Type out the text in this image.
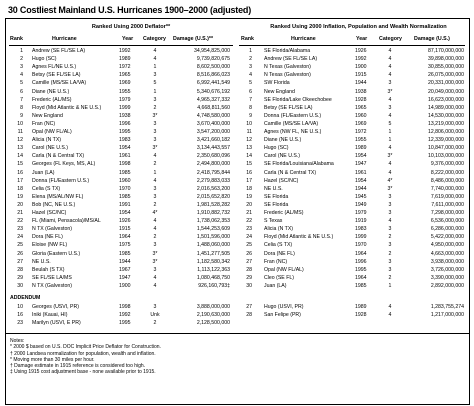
30 Costliest Mainland U.S. Hurricanes 1900–2000 (adjusted)
Ranked Using 2000 Deflator**	Ranked Using 2000 Inflation, Population and Wealth Normalization
Rank	Hurricane	Year Category Damage (U.S.)**	Rank	Hurricane	Year Category Damage (U.S.)
1 Andrew (SE FL/SE LA)	1992	4	34,954,825,000
2 Hugo (SC)	1989	4	9,739,820,675
3 Agnes FL/NE U.S.)	1972	1	8,602,500,000
4 Betsy (SE FL/SE LA)	1965	3	8,516,866,023
5 Camille (MS/SE LA/VA)	1969	5	6,992,441,549
6 Diane (NE U.S.)	1955	1	5,340,676,192
7 Frederic (AL/MS)	1979	3	4,965,327,332
8 Floyd (Mid Atlantic & NE U.S.)	1999	2	4,668,811,560
9 New England	1938	3*	4,748,580,000
10 Fran (NC)	1996	3	3,670,400,000
11 Opal (NW FL/AL)	1995	3	3,547,200,000
12 Alicia (N TX)	1983	3	3,421,660,182
13 Carol (NE U.S.)	1954	3*	3,134,443,557
14 Carla (N & Central TX)	1961	4	2,350,680,096
15 Georges (FL Keys, MS, AL)	1998	2	2,494,800,000
16 Juan (LA)	1985	1	2,418,795,844
17 Donna (FL/Eastern U.S.)	1960	4	2,279,883,033
18 Celia (S TX)	1970	3	2,016,563,200
19 Elena (MS/AL/NW FL)	1985	3	2,015,652,820
20 Bob (NC, NE U.S.)	1991	2	1,981,528,282
21 Hazel (SC/NC)	1954	4*	1,910,882,732
22 FL (Miami, Pensacola)/MS/AL	1926	4	1,738,062,353
23 N TX (Galveston)	1915	4	1,544,253,609
24 Dora (NE FL)	1964	2	1,501,596,000
25 Eloise (NW FL)	1975	3	1,488,060,000
26 Gloria (Eastern U.S.)	1985	3*	1,451,277,505
27 NE U.S.	1944	3*	1,182,580,342
28 Beulah (S TX)	1967	3	1,113,122,363
29 SE FL/SE LA/MS	1947	4	1,080,468,750
30 N TX (Galveston)	1900	4	926,160,793‡
1 SE Florida/Alabama	1926	4	87,170,000,000
2 Andrew (SE FL/SE LA)	1992	4	39,898,000,000
3 N Texas (Galveston)	1900	4	30,855,000,000
4 N Texas (Galveston)	1915	4	26,075,000,000
5 SW Florida	1944	3	20,331,000,000
6 New England	1938	3*	20,049,000,000
7 SE Florida/Lake Okeechobee	1928	4	16,623,000,000
8 Betsy (SE FL/SE LA)	1965	3	14,989,000,000
9 Donna (FL/Eastern U.S.)	1960	4	14,530,000,000
10 Camille (MS/SE LA/VA)	1969	5	13,219,000,000
11 Agnes (NW FL, NE U.S.)	1972	1	12,806,000,000
12 Diane (NE U.S.)	1955	1	12,339,000,000
13 Hugo (SC)	1989	4	10,847,000,000
14 Carol (NE U.S.)	1954	3*	10,103,000,000
15 SE Florida/Louisiana/Alabama	1947	4	9,376,000,000
16 Carla (N & Central TX)	1961	4	8,222,000,000
17 Hazel (SC/NC)	1954	4*	8,486,000,000
18 NE U.S.	1944	3*	7,740,000,000
19 SE Florida	1945	3	7,619,000,000
20 SE Florida	1949	3	7,611,000,000
21 Frederic (AL/MS)	1979	3	7,298,000,000
22 S Texas	1919	4	6,536,000,000
23 Alicia (N TX)	1983	3	6,286,000,000
24 Floyd (Mid Atlantic & NE U.S.)	1999	2	5,422,000,000
25 Celia (S TX)	1970	3	4,950,000,000
26 Dora (NE FL)	1964	2	4,663,000,000
27 Fran (NC)	1996	3	3,938,000,000
28 Opal (NW FL/AL)	1995	3	3,726,000,000
29 Cleo (SE FL)	1964	2	3,390,000,000
30 Juan (LA)	1985	1	2,892,000,000
ADDENDUM
10 Georges (USVI, PR)	1998	3	3,888,000,000
16 Iniki (Kauai, HI)	1992	Unk	2,190,630,000
23 Marilyn (USVI, E PR)	1995	2	2,128,500,000
27 Hugo (USVI, PR)	1989	4	1,283,755,274
28 San Felipe (PR)	1928	4	1,217,000,000
Notes:
* 2000 $ based on U.S. DOC Implicit Price Deflator for Construction.
† 2000 Landsea normalization for population, wealth and inflation.
* Moving more than 30 miles per hour.
† Damage estimate in 1915 reference is considered too high.
‡ Using 1915 cost adjustment base - none available prior to 1915.
